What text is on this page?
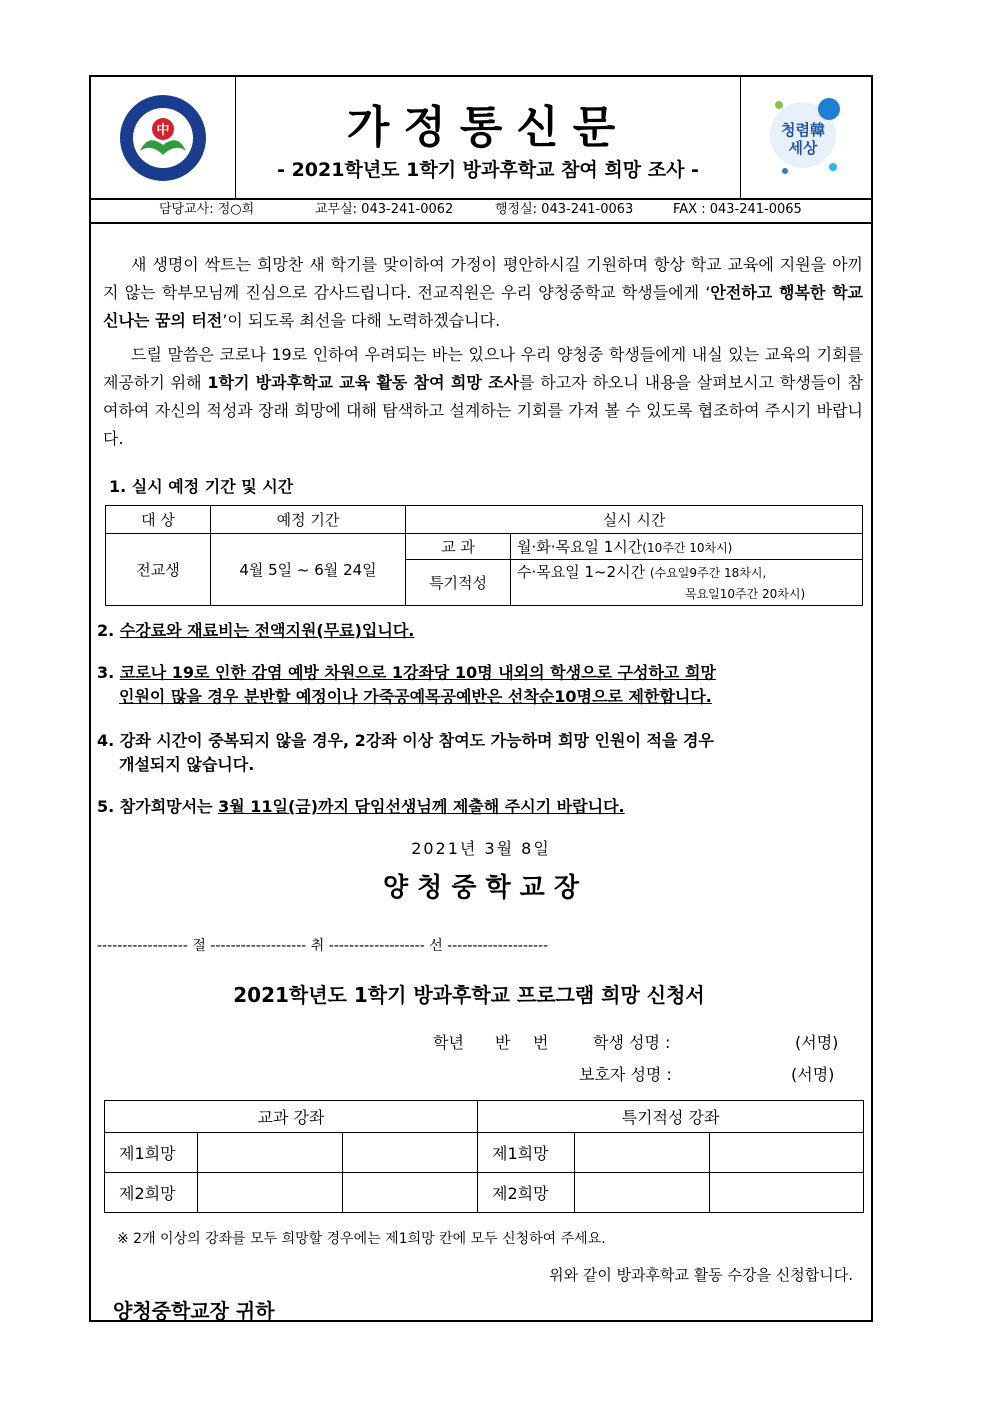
中	가정통신문
- 2021학년도 1학기 방과후학교 참여 희망 조사 -
청렴韓
세상
담당교사: 정○희	교무실: 043-241-0062	행정실: 043-241-0063	FAX : 043-241-0065
새 생명이 싹트는 희망찬 새 학기를 맞이하여 가정이 평안하시길 기원하며 항상 학교 교육에 지원을 아끼지 않는 학부모님께 진심으로 감사드립니다. 전교직원은 우리 양청중학교 학생들에게 ‘안전하고 행복한 학교 신나는 꿈의 터전’이 되도록 최선을 다해 노력하겠습니다.
드릴 말씀은 코로나 19로 인하여 우려되는 바는 있으나 우리 양청중 학생들에게 내실 있는 교육의 기회를 제공하기 위해 1학기 방과후학교 교육 활동 참여 희망 조사를 하고자 하오니 내용을 살펴보시고 학생들이 참여하여 자신의 적성과 장래 희망에 대해 탐색하고 설계하는 기회를 가져 볼 수 있도록 협조하여 주시기 바랍니다.
1. 실시 예정 기간 및 시간
대 상	예정 기간	실시 시간	
전교생	4월 5일 ~ 6월 24일	교 과	월·화·목요일 1시간(10주간 10차시)
		특기적성	수·목요일 1~2시간 (수요일9주간 18차시,
목요일10주간 20차시)
2. 수강료와 재료비는 전액지원(무료)입니다.
3. 코로나 19로 인한 감염 예방 차원으로 1강좌당 10명 내외의 학생으로 구성하고 희망
인원이 많을 경우 분반할 예정이나 가죽공예목공예반은 선착순10명으로 제한합니다.
4. 강좌 시간이 중복되지 않을 경우, 2강좌 이상 참여도 가능하며 희망 인원이 적을 경우
개설되지 않습니다.
5. 참가희망서는 3월 11일(금)까지 담임선생님께 제출해 주시기 바랍니다.
2021년 3월 8일
양 청 중 학 교 장
------------------ 절 ------------------- 취 ------------------- 선 --------------------
2021학년도 1학기 방과후학교 프로그램 희망 신청서
학년 반 번	학생 성명 :	(서명)
보호자 성명 :	(서명)
교과 강좌			특기적성 강좌		
제1희망			제1희망		
제2희망			제2희망		
※ 2개 이상의 강좌를 모두 희망할 경우에는 제1희망 칸에 모두 신청하여 주세요.
위와 같이 방과후학교 활동 수강을 신청합니다.
양청중학교장 귀하
